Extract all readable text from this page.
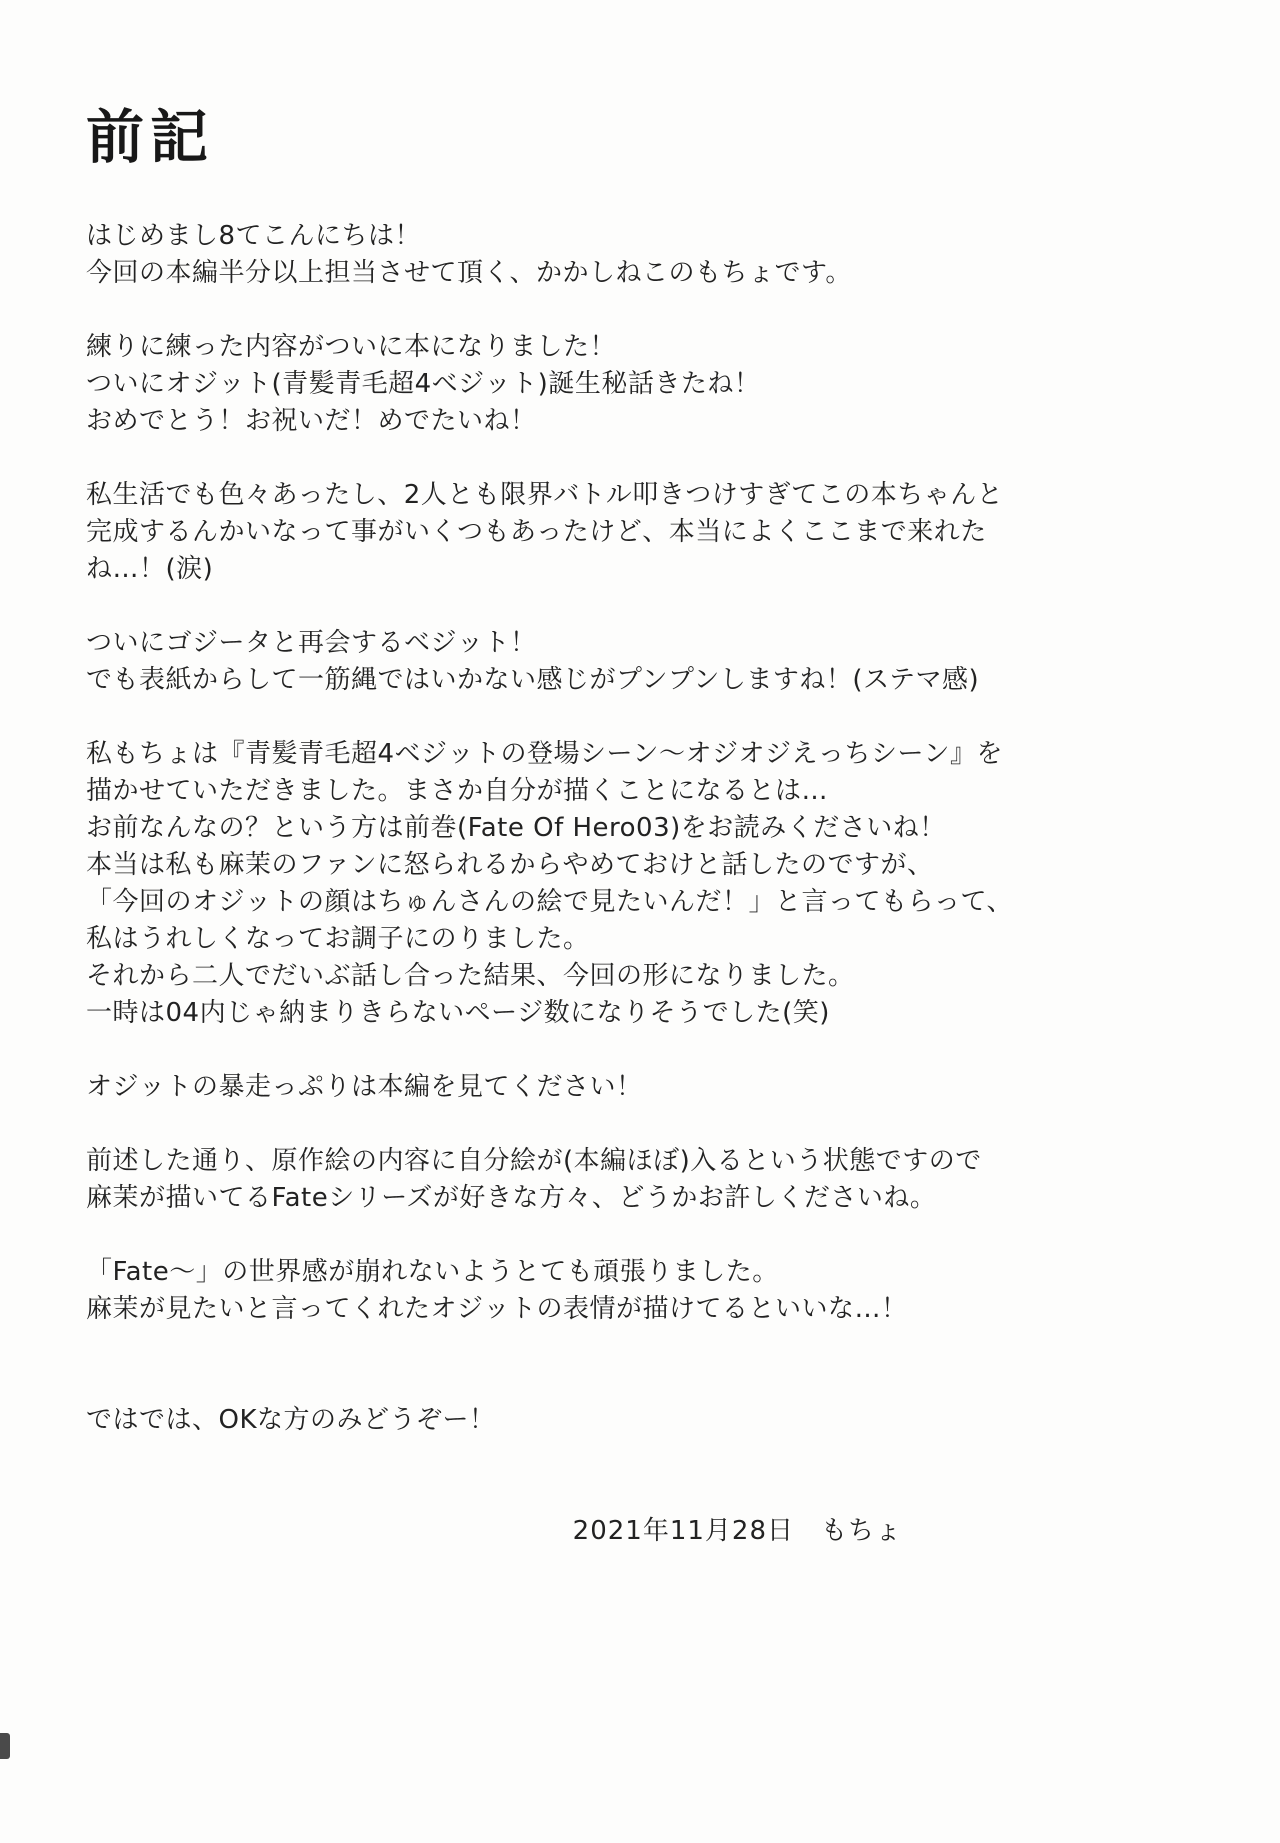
前記
はじめまし8てこんにちは！
今回の本編半分以上担当させて頂く、かかしねこのもちょです。
練りに練った内容がついに本になりました！
ついにオジット(青髪青毛超4ベジット)誕生秘話きたね！
おめでとう！お祝いだ！めでたいね！
私生活でも色々あったし、2人とも限界バトル叩きつけすぎてこの本ちゃんと
完成するんかいなって事がいくつもあったけど、本当によくここまで来れた
ね…！(涙)
ついにゴジータと再会するベジット！
でも表紙からして一筋縄ではいかない感じがプンプンしますね！(ステマ感)
私もちょは『青髪青毛超4ベジットの登場シーン～オジオジえっちシーン』を
描かせていただきました。まさか自分が描くことになるとは…
お前なんなの？という方は前巻(Fate Of Hero03)をお読みくださいね！
本当は私も麻茉のファンに怒られるからやめておけと話したのですが、
「今回のオジットの顔はちゅんさんの絵で見たいんだ！」と言ってもらって、
私はうれしくなってお調子にのりました。
それから二人でだいぶ話し合った結果、今回の形になりました。
一時は04内じゃ納まりきらないページ数になりそうでした(笑)
オジットの暴走っぷりは本編を見てください！
前述した通り、原作絵の内容に自分絵が(本編ほぼ)入るという状態ですので
麻茉が描いてるFateシリーズが好きな方々、どうかお許しくださいね。
「Fate～」の世界感が崩れないようとても頑張りました。
麻茉が見たいと言ってくれたオジットの表情が描けてるといいな…！
ではでは、OKな方のみどうぞー！
2021年11月28日　もちょ
